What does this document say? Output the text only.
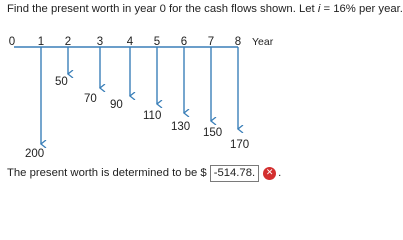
Find the present worth in year 0 for the cash flows shown. Let i = 16% per year.
0 1 2 3 4 5 6 7 8 Year
200
50
70 90
110
130 150
170
The present worth is determined to be $ -514.78.	✕ .
